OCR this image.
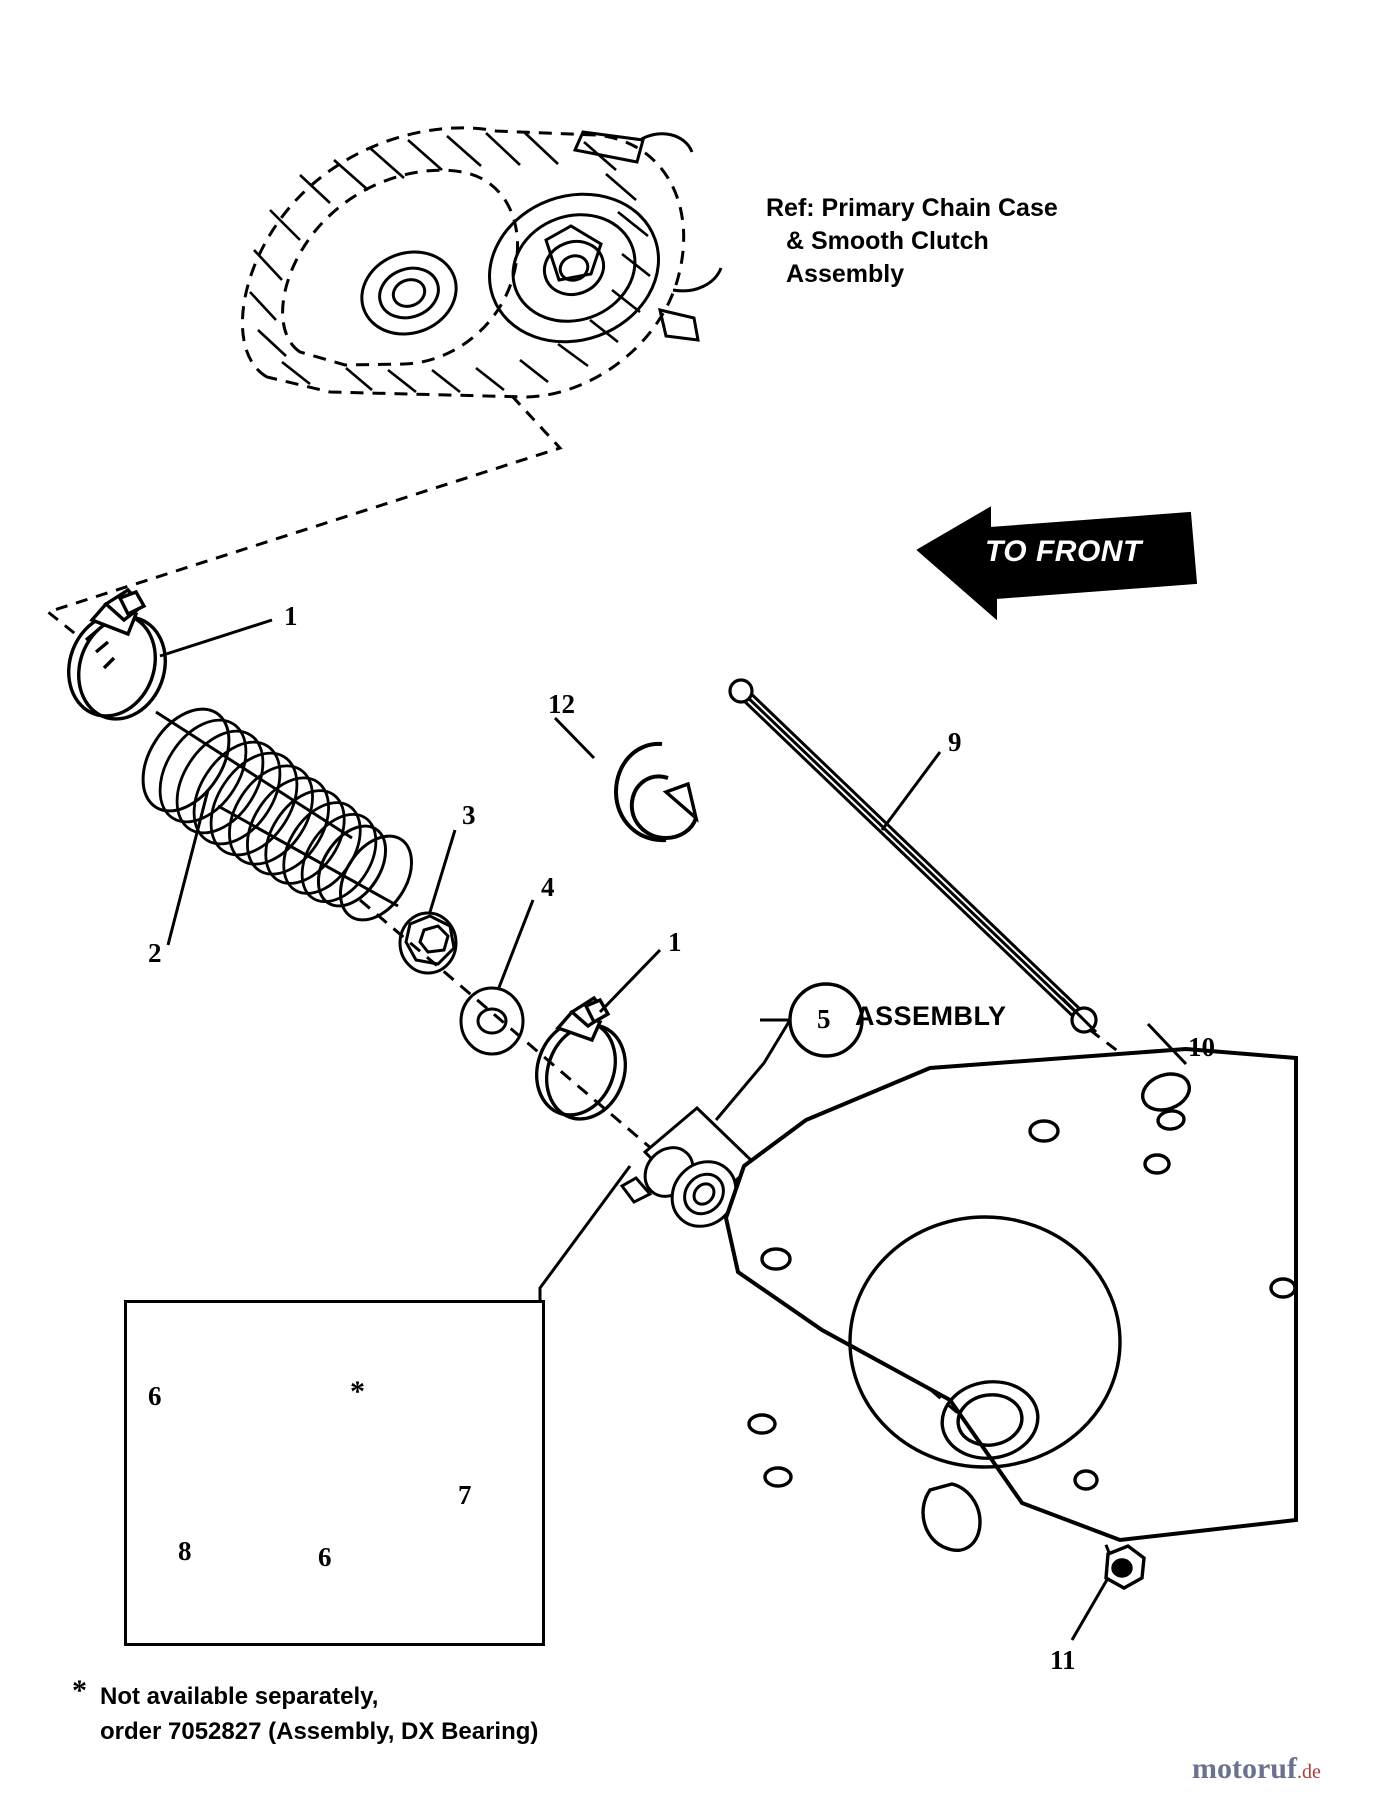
Ref: Primary Chain Case
& Smooth Clutch
Assembly
TO FRONT
ASSEMBLY
1
2
3
4
1
5
6
6
7
8
9
10
11
12
*
* Not available separately,
order 7052827 (Assembly, DX Bearing)
motoruf.de
